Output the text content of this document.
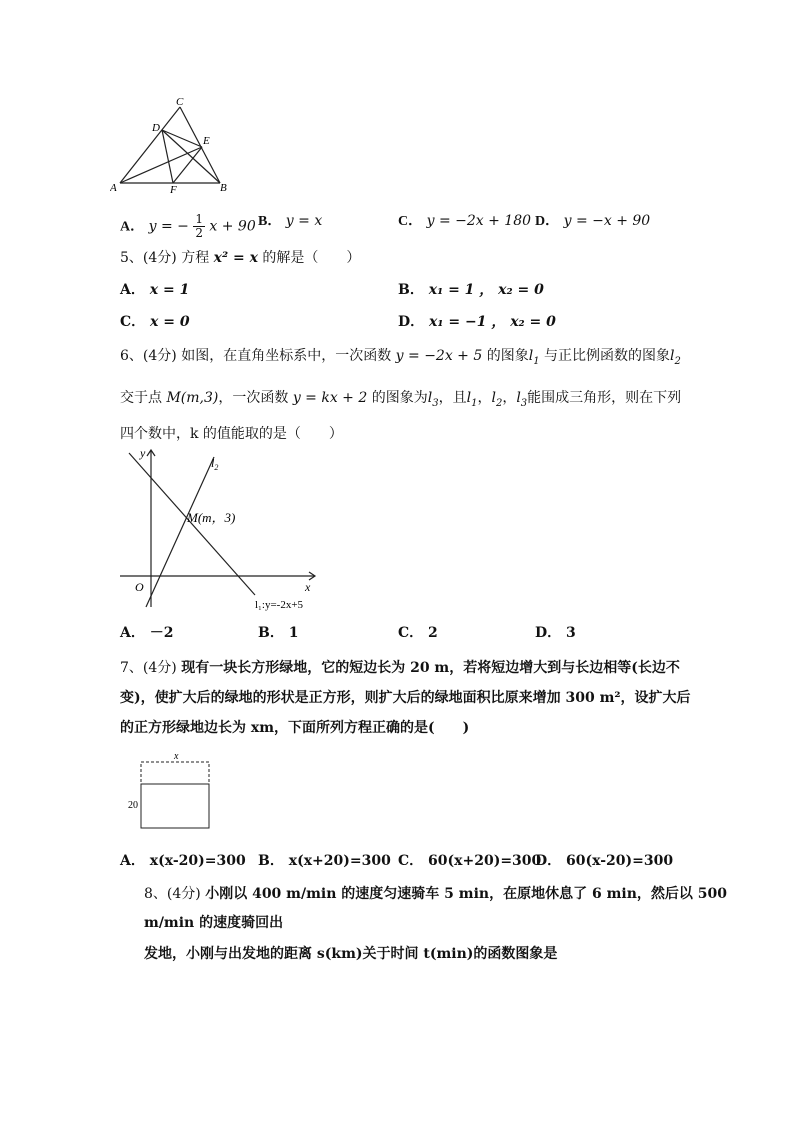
C
D
E
A	F	B
A． y = − $\frac{1}{2}$ x + 90 B． y = x	C． y = −2x + 180 D． y = −x + 90
5、(4分) 方程 x² = x 的解是（　　）
A． x = 1	B． x₁ = 1 ， x₂ = 0
C． x = 0	D． x₁ = −1 ， x₂ = 0
6、(4分) 如图，在直角坐标系中，一次函数 y = −2x + 5 的图象$l_1$ 与正比例函数的图象$l_2$
交于点 M(m,3)，一次函数 y = kx + 2 的图象为$l_3$，且$l_1$，$l_2$，$l_3$能围成三角形，则在下列
四个数中，k 的值能取的是（　　）
y
x
O
$l_2$
M(m，3)
l₁:y=-2x+5
A． －2	B． 1	C． 2	D． 3
7、(4分) 现有一块长方形绿地，它的短边长为 20 m，若将短边增大到与长边相等(长边不
变)，使扩大后的绿地的形状是正方形，则扩大后的绿地面积比原来增加 300 m²，设扩大后
的正方形绿地边长为 xm，下面所列方程正确的是(　　)
x
20
A． x(x-20)=300 B． x(x+20)=300 C． 60(x+20)=300
D． 60(x-20)=300
8、(4分) 小刚以 400 m/min 的速度匀速骑车 5 min，在原地休息了 6 min，然后以 500
m/min 的速度骑回出
发地，小刚与出发地的距离 s(km)关于时间 t(min)的函数图象是
